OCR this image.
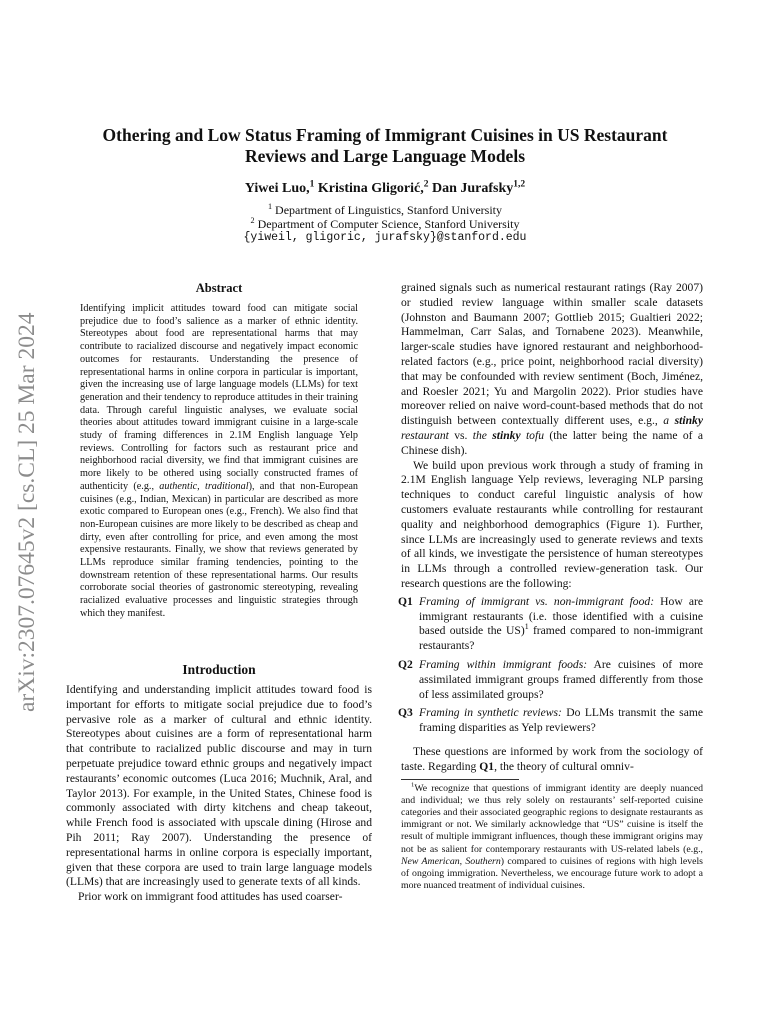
arXiv:2307.07645v2 [cs.CL] 25 Mar 2024
Othering and Low Status Framing of Immigrant Cuisines in US Restaurant
Reviews and Large Language Models
Yiwei Luo,$^1$ Kristina Gligorić,$^2$ Dan Jurafsky$^{1,2}$
$^1$ Department of Linguistics, Stanford University
$^2$ Department of Computer Science, Stanford University
{yiweil, gligoric, jurafsky}@stanford.edu
Abstract
Identifying implicit attitudes toward food can mitigate social prejudice due to food’s salience as a marker of ethnic identity. Stereotypes about food are representational harms that may contribute to racialized discourse and negatively impact economic outcomes for restaurants. Understanding the presence of representational harms in online corpora in particular is important, given the increasing use of large language models (LLMs) for text generation and their tendency to reproduce attitudes in their training data. Through careful linguistic analyses, we evaluate social theories about attitudes toward immigrant cuisine in a large-scale study of framing differences in 2.1M English language Yelp reviews. Controlling for factors such as restaurant price and neighborhood racial diversity, we find that immigrant cuisines are more likely to be othered using socially constructed frames of authenticity (e.g., authentic, traditional), and that non-European cuisines (e.g., Indian, Mexican) in particular are described as more exotic compared to European ones (e.g., French). We also find that non-European cuisines are more likely to be described as cheap and dirty, even after controlling for price, and even among the most expensive restaurants. Finally, we show that reviews generated by LLMs reproduce similar framing tendencies, pointing to the downstream retention of these representational harms. Our results corroborate social theories of gastronomic stereotyping, revealing racialized evaluative processes and linguistic strategies through which they manifest.
Introduction

Identifying and understanding implicit attitudes toward food is important for efforts to mitigate social prejudice due to food’s pervasive role as a marker of cultural and ethnic identity. Stereotypes about cuisines are a form of representational harm that contribute to racialized public discourse and may in turn perpetuate prejudice toward ethnic groups and negatively impact restaurants’ economic outcomes (Luca 2016; Muchnik, Aral, and Taylor 2013). For example, in the United States, Chinese food is commonly associated with dirty kitchens and cheap takeout, while French food is associated with upscale dining (Hirose and Pih 2011; Ray 2007). Understanding the presence of representational harms in online corpora is especially important, given that these corpora are used to train large language models (LLMs) that are increasingly used to generate texts of all kinds.

Prior work on immigrant food attitudes has used coarser-

grained signals such as numerical restaurant ratings (Ray 2007) or studied review language within smaller scale datasets (Johnston and Baumann 2007; Gottlieb 2015; Gualtieri 2022; Hammelman, Carr Salas, and Tornabene 2023). Meanwhile, larger-scale studies have ignored restaurant and neighborhood-related factors (e.g., price point, neighborhood racial diversity) that may be confounded with review sentiment (Boch, Jiménez, and Roesler 2021; Yu and Margolin 2022). Prior studies have moreover relied on naive word-count-based methods that do not distinguish between contextually different uses, e.g., a stinky restaurant vs. the stinky tofu (the latter being the name of a Chinese dish).

We build upon previous work through a study of framing in 2.1M English language Yelp reviews, leveraging NLP parsing techniques to conduct careful linguistic analysis of how customers evaluate restaurants while controlling for restaurant quality and neighborhood demographics (Figure 1). Further, since LLMs are increasingly used to generate reviews and texts of all kinds, we investigate the persistence of human stereotypes in LLMs through a controlled review-generation task. Our research questions are the following:

Q1 Framing of immigrant vs. non-immigrant food: How are immigrant restaurants (i.e. those identified with a cuisine based outside the US)$^1$ framed compared to non-immigrant restaurants?

Q2 Framing within immigrant foods: Are cuisines of more assimilated immigrant groups framed differently from those of less assimilated groups?

Q3 Framing in synthetic reviews: Do LLMs transmit the same framing disparities as Yelp reviewers?

These questions are informed by work from the sociology of taste. Regarding Q1, the theory of cultural omniv-

$^1$We recognize that questions of immigrant identity are deeply nuanced and individual; we thus rely solely on restaurants’ self-reported cuisine categories and their associated geographic regions to designate restaurants as immigrant or not. We similarly acknowledge that “US” cuisine is itself the result of multiple immigrant influences, though these immigrant origins may not be as salient for contemporary restaurants with US-related labels (e.g., New American, Southern) compared to cuisines of regions with high levels of ongoing immigration. Nevertheless, we encourage future work to adopt a more nuanced treatment of individual cuisines.
